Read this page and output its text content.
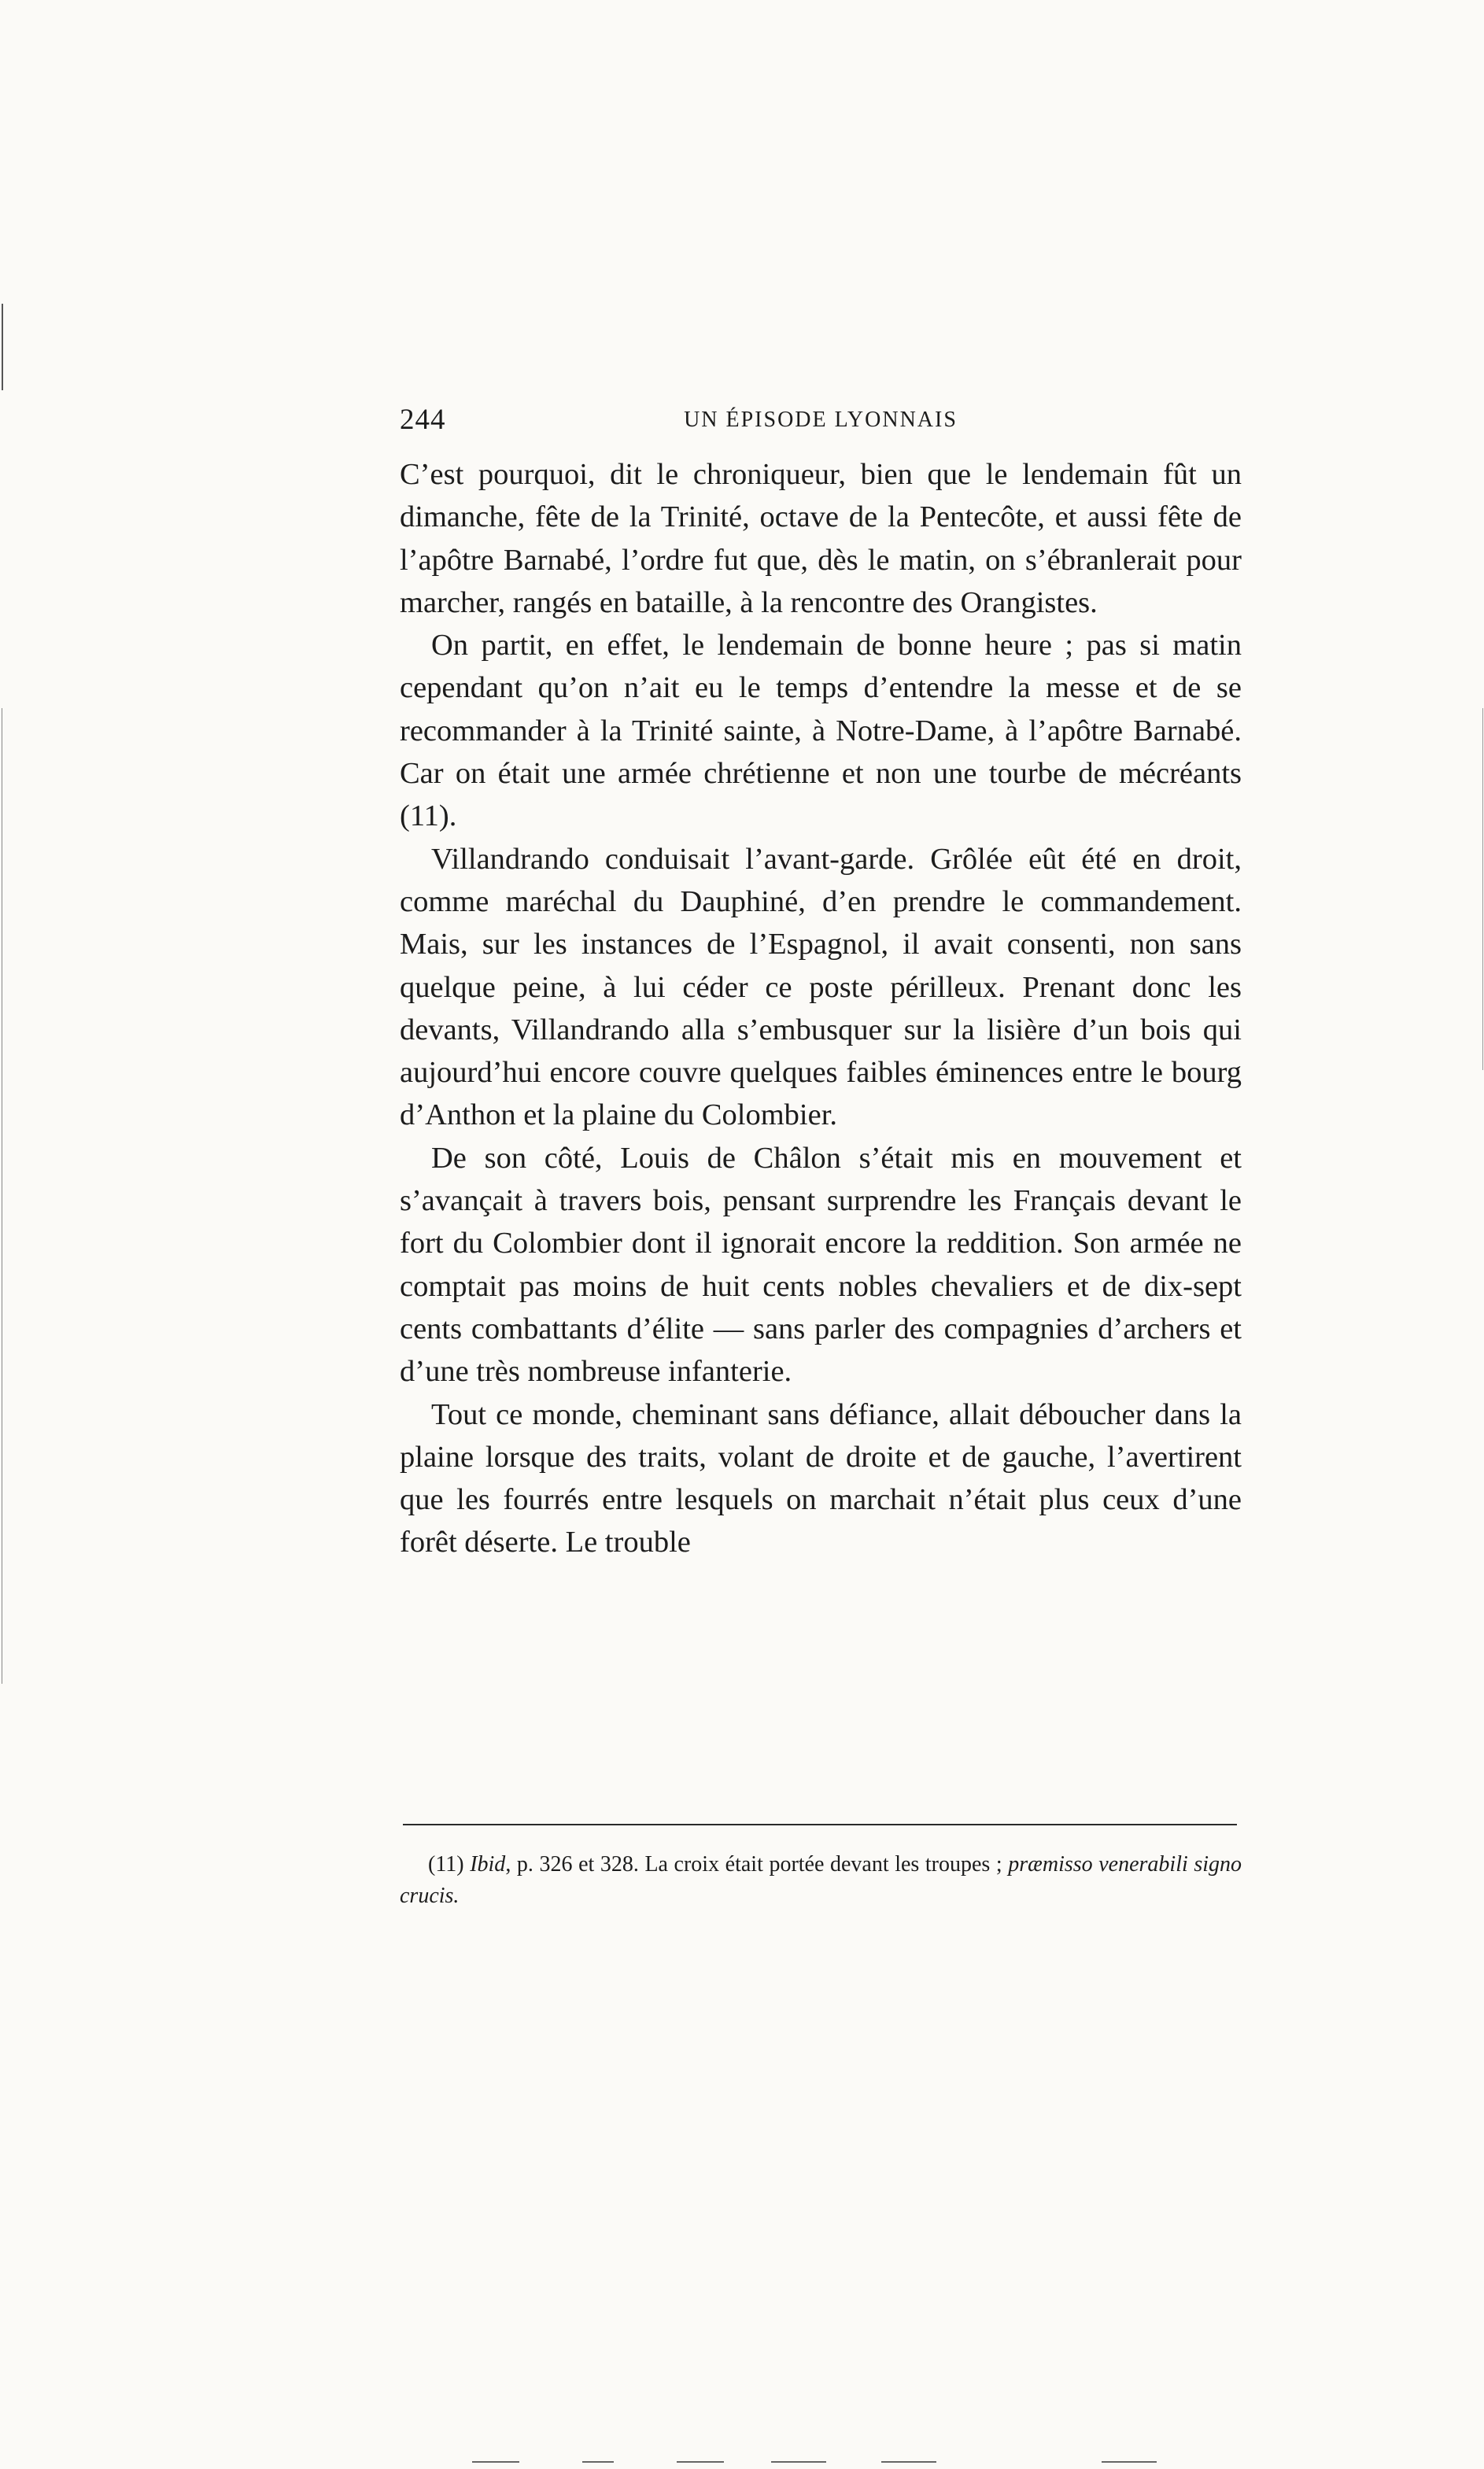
244	UN ÉPISODE LYONNAIS

C’est pourquoi, dit le chroniqueur, bien que le lendemain fût un dimanche, fête de la Trinité, octave de la Pentecôte, et aussi fête de l’apôtre Barnabé, l’ordre fut que, dès le matin, on s’ébranlerait pour marcher, rangés en bataille, à la rencontre des Orangistes.

On partit, en effet, le lendemain de bonne heure ; pas si matin cependant qu’on n’ait eu le temps d’entendre la messe et de se recommander à la Trinité sainte, à Notre-Dame, à l’apôtre Barnabé. Car on était une armée chrétienne et non une tourbe de mécréants (11).

Villandrando conduisait l’avant-garde. Grôlée eût été en droit, comme maréchal du Dauphiné, d’en prendre le commandement. Mais, sur les instances de l’Espagnol, il avait consenti, non sans quelque peine, à lui céder ce poste périlleux. Prenant donc les devants, Villandrando alla s’embusquer sur la lisière d’un bois qui aujourd’hui encore couvre quelques faibles éminences entre le bourg d’Anthon et la plaine du Colombier.

De son côté, Louis de Châlon s’était mis en mouvement et s’avançait à travers bois, pensant surprendre les Français devant le fort du Colombier dont il ignorait encore la reddition. Son armée ne comptait pas moins de huit cents nobles chevaliers et de dix-sept cents combattants d’élite — sans parler des compagnies d’archers et d’une très nombreuse infanterie.

Tout ce monde, cheminant sans défiance, allait déboucher dans la plaine lorsque des traits, volant de droite et de gauche, l’avertirent que les fourrés entre lesquels on marchait n’était plus ceux d’une forêt déserte. Le trouble

(11) Ibid, p. 326 et 328. La croix était portée devant les troupes ; præmisso venerabili signo crucis.
